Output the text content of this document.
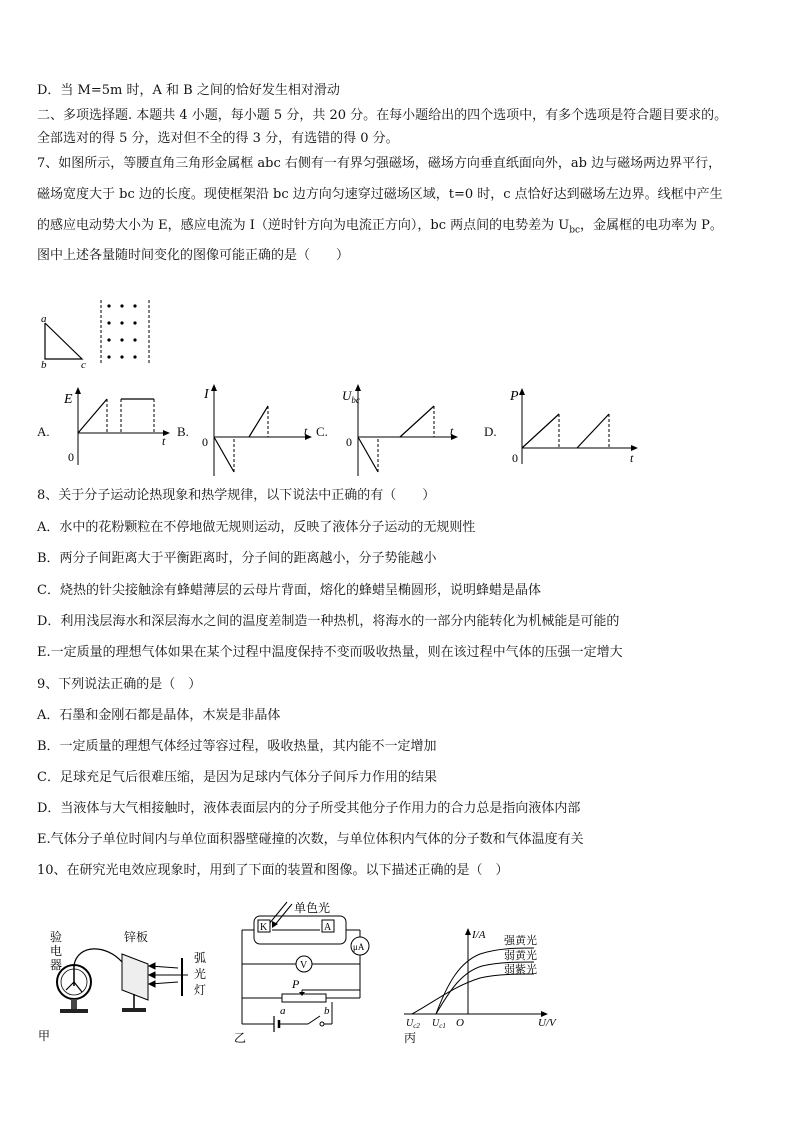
D．当 M=5m 时，A 和 B 之间的恰好发生相对滑动
二、多项选择题. 本题共 4 小题，每小题 5 分，共 20 分。在每小题给出的四个选项中，有多个选项是符合题目要求的。
全部选对的得 5 分，选对但不全的得 3 分，有选错的得 0 分。
7、如图所示，等腰直角三角形金属框 abc 右侧有一有界匀强磁场，磁场方向垂直纸面向外，ab 边与磁场两边界平行，
磁场宽度大于 bc 边的长度。现使框架沿 bc 边方向匀速穿过磁场区域，t=0 时，c 点恰好达到磁场左边界。线框中产生
的感应电动势大小为 E，感应电流为 I（逆时针方向为电流正方向），bc 两点间的电势差为 $U_{bc}$，金属框的电功率为 P。
图中上述各量随时间变化的图像可能正确的是（　　）
a
b	c
A.
E
0
t
B.
I
0
t C.
$U_{bc}$
0
t D.
P
0	t
8、关于分子运动论热现象和热学规律，以下说法中正确的有（　　）
A．水中的花粉颗粒在不停地做无规则运动，反映了液体分子运动的无规则性
B．两分子间距离大于平衡距离时，分子间的距离越小，分子势能越小
C．烧热的针尖接触涂有蜂蜡薄层的云母片背面，熔化的蜂蜡呈椭圆形，说明蜂蜡是晶体
D．利用浅层海水和深层海水之间的温度差制造一种热机，将海水的一部分内能转化为机械能是可能的
E.一定质量的理想气体如果在某个过程中温度保持不变而吸收热量，则在该过程中气体的压强一定增大
9、下列说法正确的是（　）
A．石墨和金刚石都是晶体，木炭是非晶体
B．一定质量的理想气体经过等容过程，吸收热量，其内能不一定增加
C．足球充足气后很难压缩，是因为足球内气体分子间斥力作用的结果
D．当液体与大气相接触时，液体表面层内的分子所受其他分子作用力的合力总是指向液体内部
E.气体分子单位时间内与单位面积器壁碰撞的次数，与单位体积内气体的分子数和气体温度有关
10、在研究光电效应现象时，用到了下面的装置和图像。以下描述正确的是（　）
验
电
器
锌板
弧
光
灯
甲
单色光
K	A
μA
V
P
a	b
乙
I/A
U/V
O
$U_{c2}$ $U_{c1}$
强黄光
弱黄光
弱紫光
丙
